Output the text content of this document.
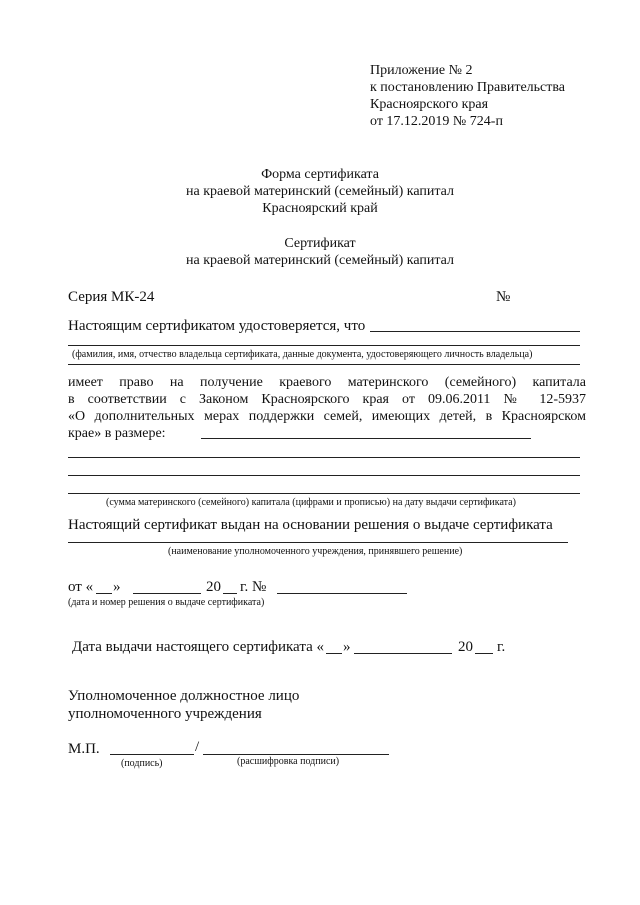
Приложение № 2
к постановлению Правительства
Красноярского края
от 17.12.2019 № 724-п
Форма сертификата
на краевой материнский (семейный) капитал
Красноярский край
Сертификат
на краевой материнский (семейный) капитал
Серия МК-24	№
Настоящим сертификатом удостоверяется, что
(фамилия, имя, отчество владельца сертификата, данные документа, удостоверяющего личность владельца)
имеет право на получение краевого материнского (семейного) капитала
в соответствии с Законом Красноярского края от 09.06.2011 № 12-5937
«О дополнительных мерах поддержки семей, имеющих детей, в Красноярском
крае» в размере:
(сумма материнского (семейного) капитала (цифрами и прописью) на дату выдачи сертификата)
Настоящий сертификат выдан на основании решения о выдаче сертификата
(наименование уполномоченного учреждения, принявшего решение)
от « »	20 г. №
(дата и номер решения о выдаче сертификата)
Дата выдачи настоящего сертификата « »	20 г.
Уполномоченное должностное лицо
уполномоченного учреждения
М.П.	/
(подпись)	(расшифровка подписи)
